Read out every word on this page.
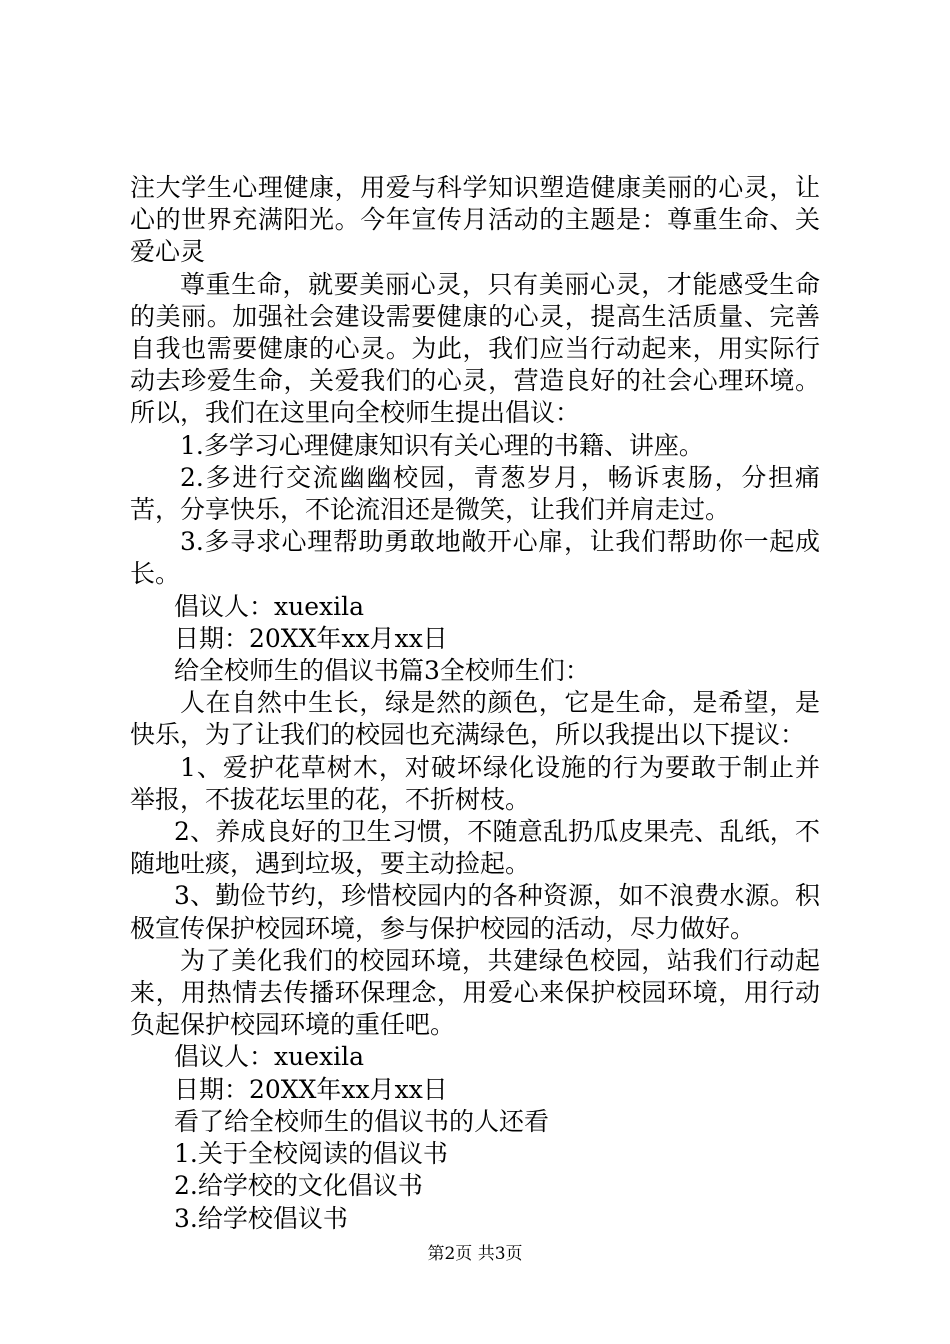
注大学生心理健康，用爱与科学知识塑造健康美丽的心灵，让心的世界充满阳光。今年宣传月活动的主题是：尊重生命、关爱心灵

尊重生命，就要美丽心灵，只有美丽心灵，才能感受生命的美丽。加强社会建设需要健康的心灵，提高生活质量、完善自我也需要健康的心灵。为此，我们应当行动起来，用实际行动去珍爱生命，关爱我们的心灵，营造良好的社会心理环境。所以，我们在这里向全校师生提出倡议：

1.多学习心理健康知识有关心理的书籍、讲座。

2.多进行交流幽幽校园，青葱岁月，畅诉衷肠，分担痛苦，分享快乐，不论流泪还是微笑，让我们并肩走过。

3.多寻求心理帮助勇敢地敞开心扉，让我们帮助你一起成长。

倡议人：xuexila

日期：20XX年xx月xx日

给全校师生的倡议书篇3全校师生们：

人在自然中生长，绿是然的颜色，它是生命，是希望，是快乐，为了让我们的校园也充满绿色，所以我提出以下提议：

1、爱护花草树木，对破坏绿化设施的行为要敢于制止并举报，不拔花坛里的花，不折树枝。

2、养成良好的卫生习惯，不随意乱扔瓜皮果壳、乱纸，不随地吐痰，遇到垃圾，要主动捡起。

3、勤俭节约，珍惜校园内的各种资源，如不浪费水源。积极宣传保护校园环境，参与保护校园的活动，尽力做好。

为了美化我们的校园环境，共建绿色校园，站我们行动起来，用热情去传播环保理念，用爱心来保护校园环境，用行动负起保护校园环境的重任吧。

倡议人：xuexila

日期：20XX年xx月xx日

看了给全校师生的倡议书的人还看

1.关于全校阅读的倡议书

2.给学校的文化倡议书

3.给学校倡议书

第2页 共3页
